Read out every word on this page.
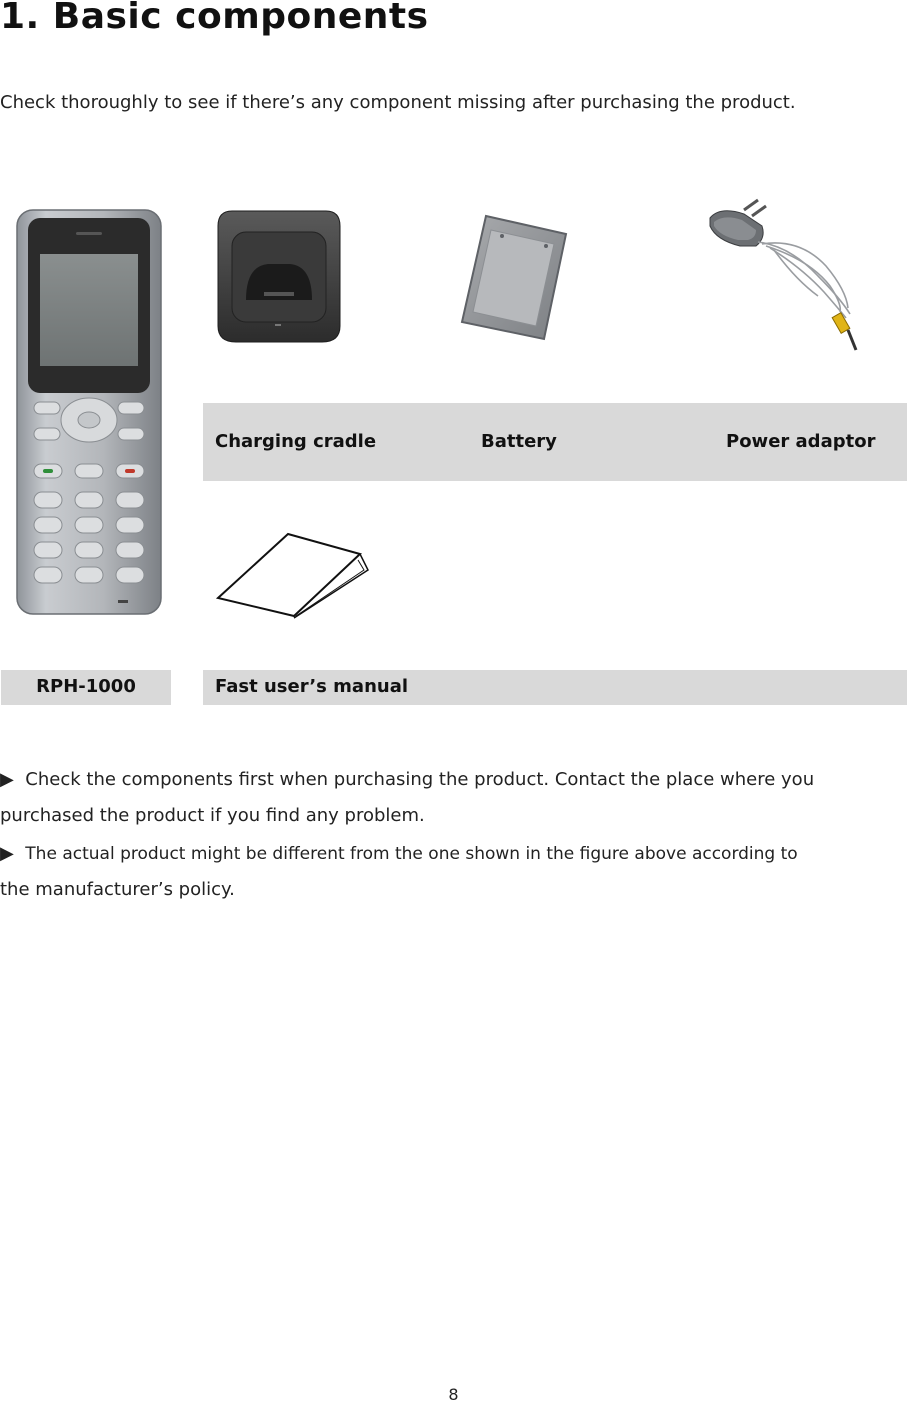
1. Basic components
Check thoroughly to see if there’s any component missing after purchasing the product.
Charging cradle	Battery	Power adaptor
RPH-1000	Fast user’s manual
▶ Check the components first when purchasing the product. Contact the place where you
purchased the product if you find any problem.
▶ The actual product might be different from the one shown in the figure above according to
the manufacturer’s policy.
8
